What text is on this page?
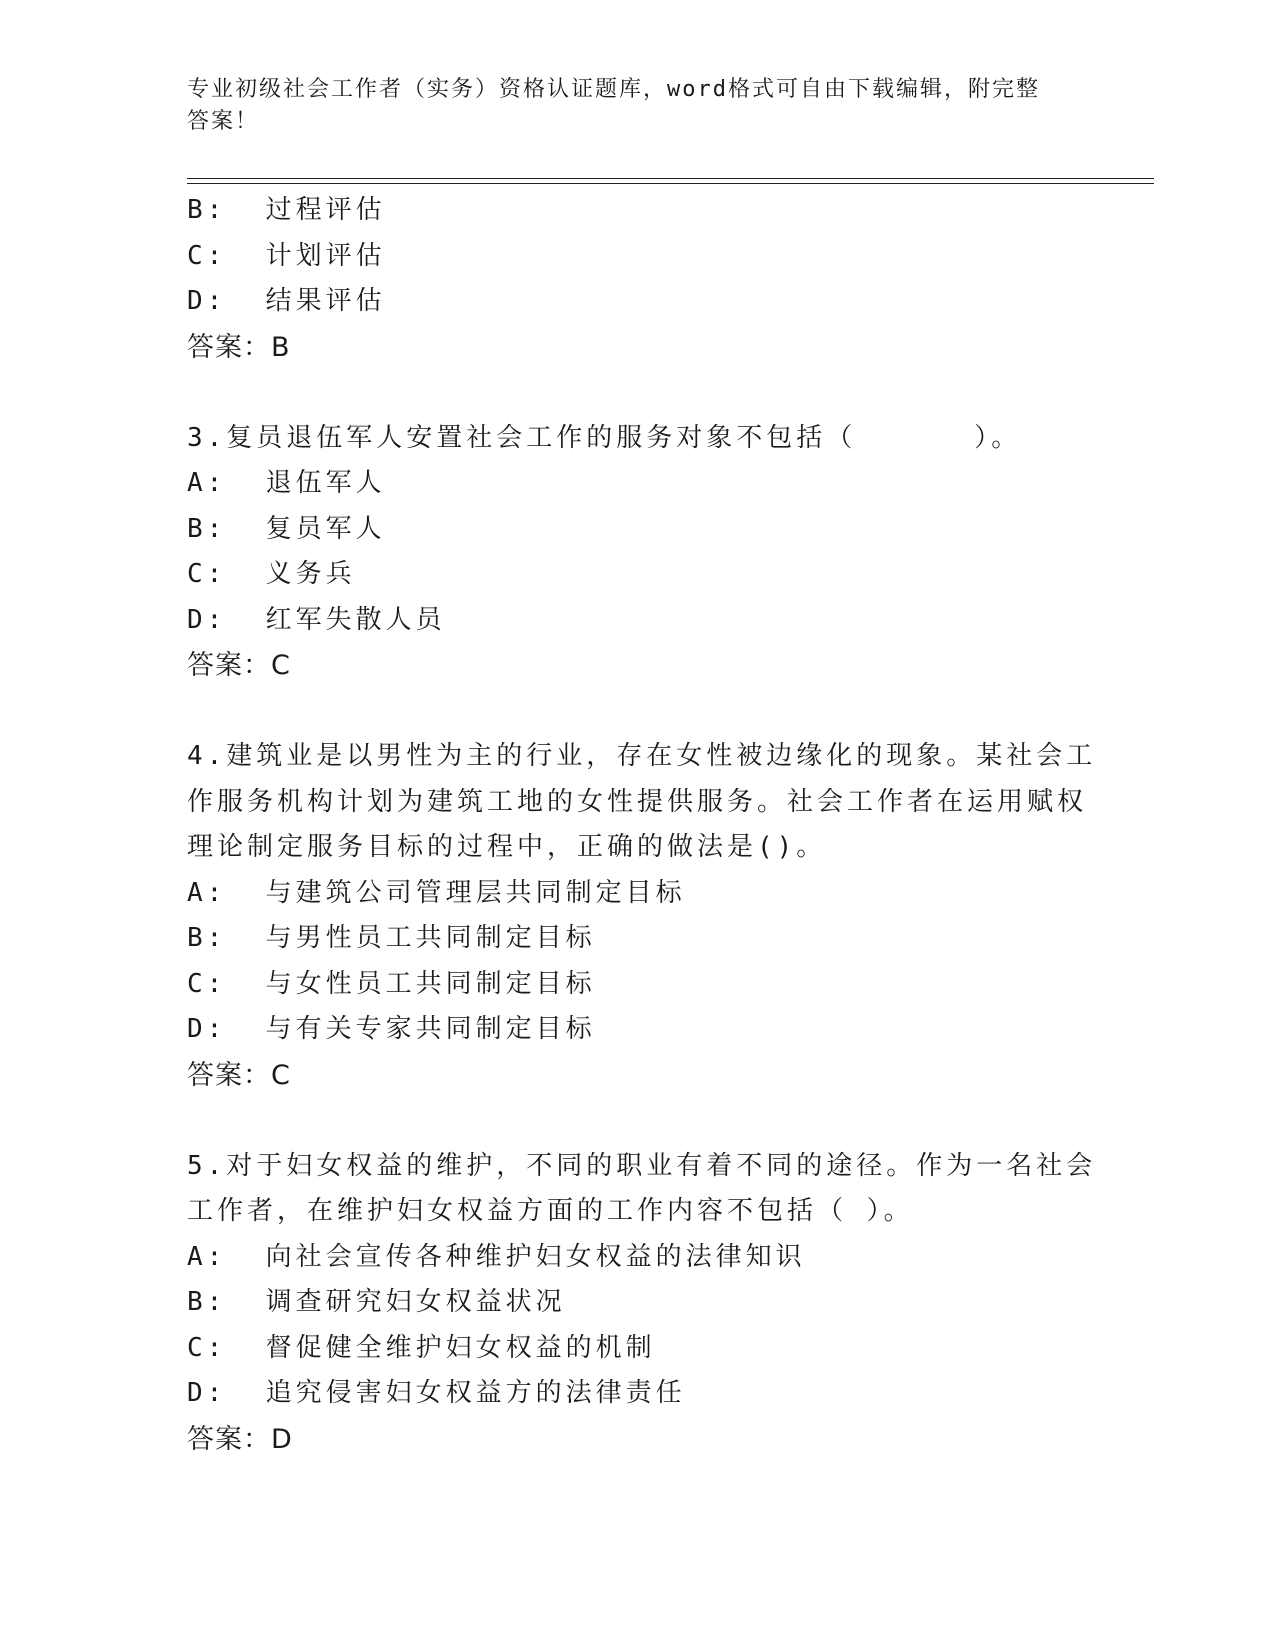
专业初级社会工作者（实务）资格认证题库，word格式可自由下载编辑，附完整
答案！
B:  过程评估
C:  计划评估
D:  结果评估
答案：B
3.复员退伍军人安置社会工作的服务对象不包括（      ）。
A:  退伍军人
B:  复员军人
C:  义务兵
D:  红军失散人员
答案：C
4.建筑业是以男性为主的行业，存在女性被边缘化的现象。某社会工
作服务机构计划为建筑工地的女性提供服务。社会工作者在运用赋权
理论制定服务目标的过程中，正确的做法是()。
A:  与建筑公司管理层共同制定目标
B:  与男性员工共同制定目标
C:  与女性员工共同制定目标
D:  与有关专家共同制定目标
答案：C
5.对于妇女权益的维护，不同的职业有着不同的途径。作为一名社会
工作者，在维护妇女权益方面的工作内容不包括（ ）。
A:  向社会宣传各种维护妇女权益的法律知识
B:  调查研究妇女权益状况
C:  督促健全维护妇女权益的机制
D:  追究侵害妇女权益方的法律责任
答案：D
